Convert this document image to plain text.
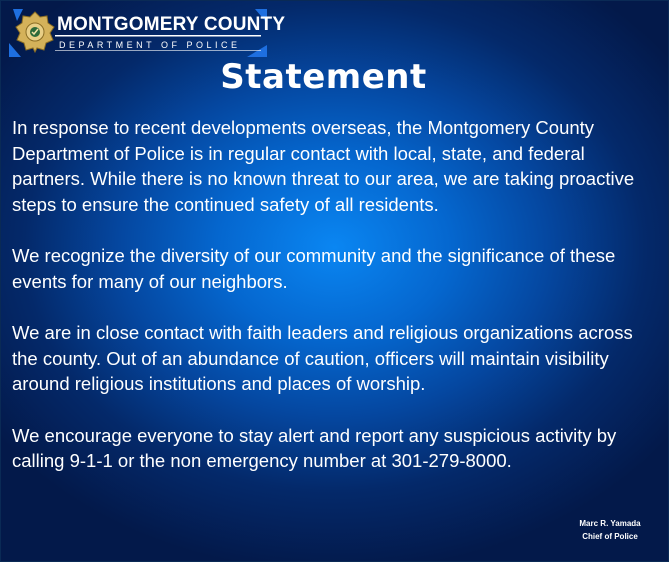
MONTGOMERY COUNTY
DEPARTMENT OF POLICE
Statement

In response to recent developments overseas, the Montgomery County Department of Police is in regular contact with local, state, and federal partners. While there is no known threat to our area, we are taking proactive steps to ensure the continued safety of all residents.

We recognize the diversity of our community and the significance of these events for many of our neighbors.

We are in close contact with faith leaders and religious organizations across the county. Out of an abundance of caution, officers will maintain visibility around religious institutions and places of worship.

We encourage everyone to stay alert and report any suspicious activity by calling 9-1-1 or the non emergency number at 301-279-8000.

Marc R. Yamada
Chief of Police
